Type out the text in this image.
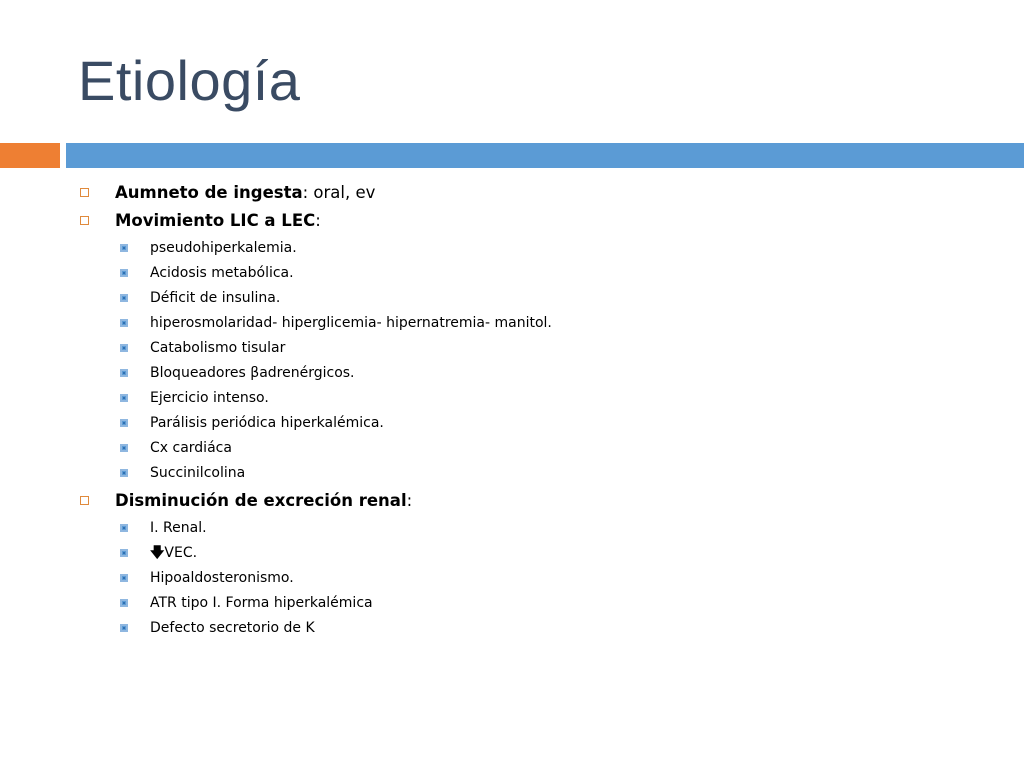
Etiología
Aumneto de ingesta: oral, ev
Movimiento LIC a LEC:
pseudohiperkalemia.
Acidosis metabólica.
Déficit de insulina.
hiperosmolaridad- hiperglicemia- hipernatremia- manitol.
Catabolismo tisular
Bloqueadores βadrenérgicos.
Ejercicio intenso.
Parálisis periódica hiperkalémica.
Cx cardiáca
Succinilcolina
Disminución de excreción renal:
I. Renal.
🡇VEC.
Hipoaldosteronismo.
ATR tipo I. Forma hiperkalémica
Defecto secretorio de K
